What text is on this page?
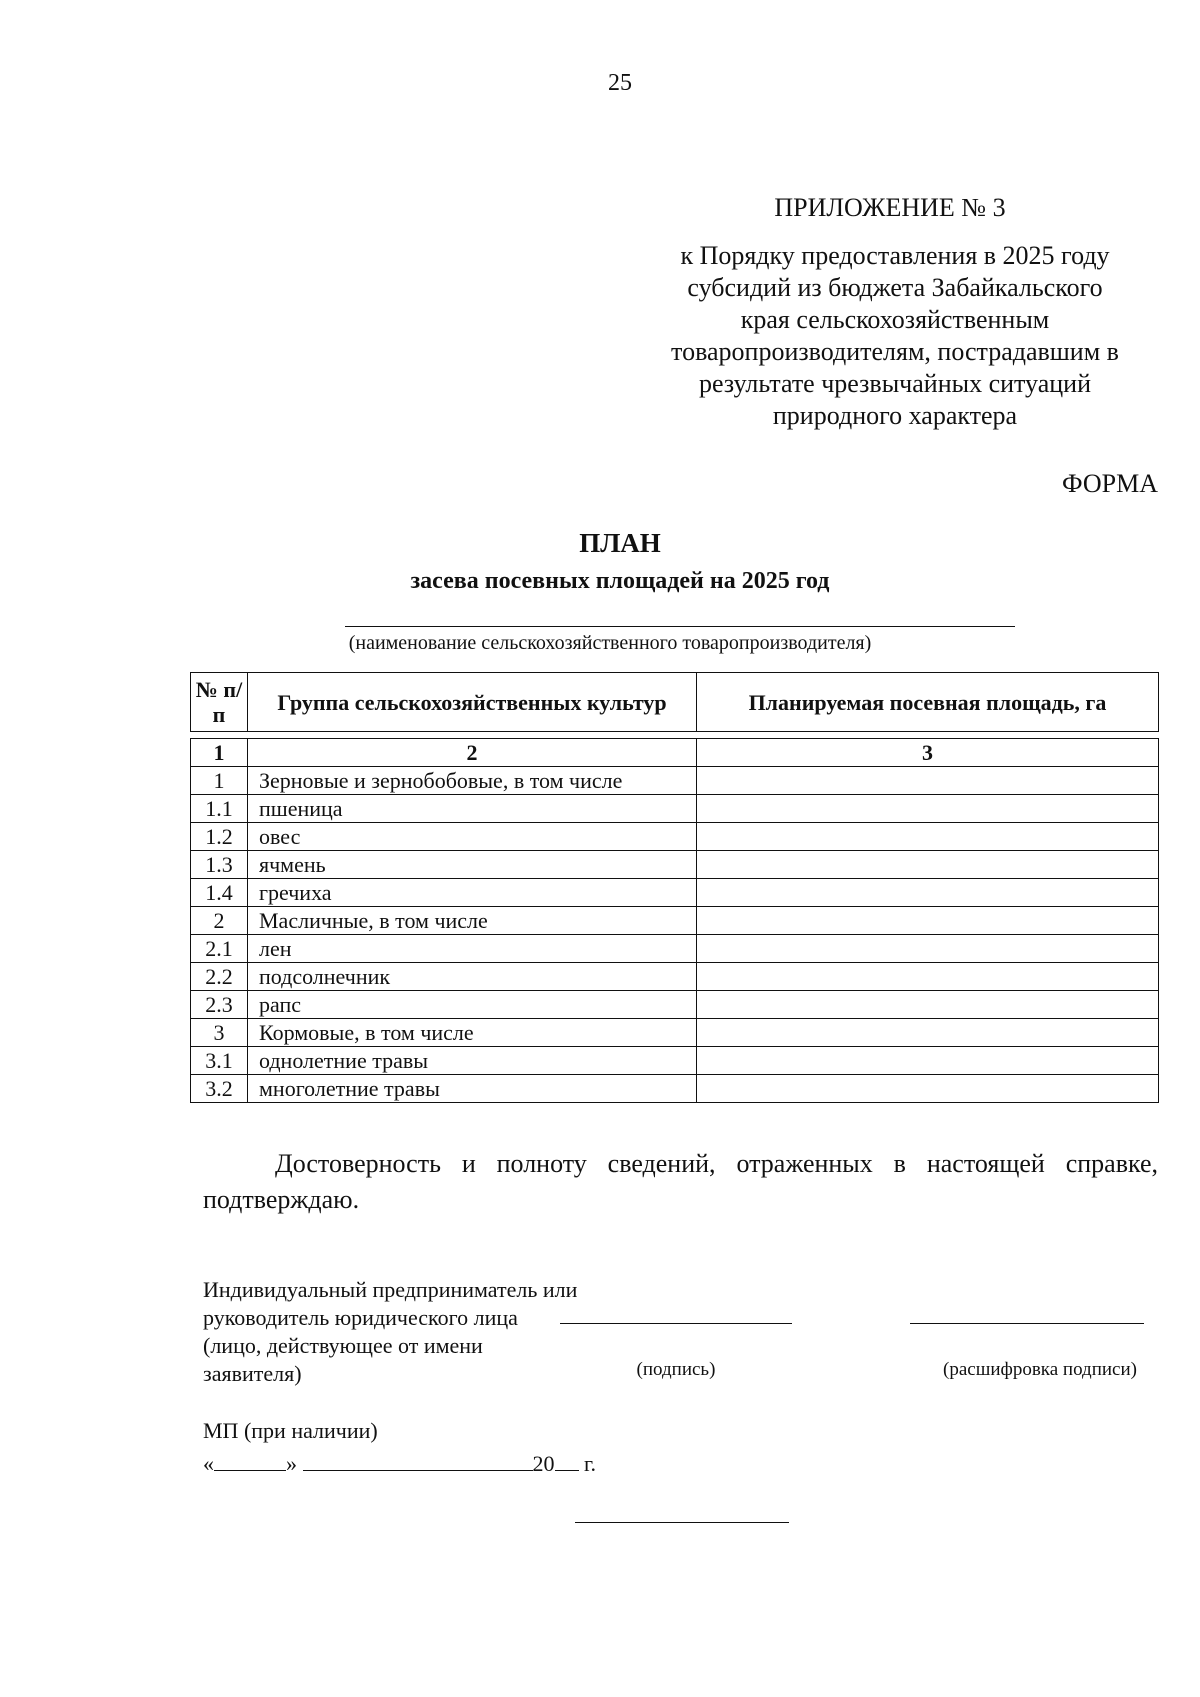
25
ПРИЛОЖЕНИЕ № 3
к Порядку предоставления в 2025 году
субсидий из бюджета Забайкальского
края сельскохозяйственным
товаропроизводителям, пострадавшим в
результате чрезвычайных ситуаций
природного характера
ФОРМА
ПЛАН
засева посевных площадей на 2025 год
(наименование сельскохозяйственного товаропроизводителя)
№ п/п	Группа сельскохозяйственных культур	Планируемая посевная площадь, га
1	2	3
1	Зерновые и зернобобовые, в том числе	
1.1	пшеница	
1.2	овес	
1.3	ячмень	
1.4	гречиха	
2	Масличные, в том числе	
2.1	лен	
2.2	подсолнечник	
2.3	рапс	
3	Кормовые, в том числе	
3.1	однолетние травы	
3.2	многолетние травы	
Достоверность и полноту сведений, отраженных в настоящей справке, подтверждаю.
Индивидуальный предприниматель или
руководитель юридического лица
(лицо, действующее от имени
заявителя)	(подпись)	(расшифровка подписи)
МП (при наличии)
«	»	20 г.
